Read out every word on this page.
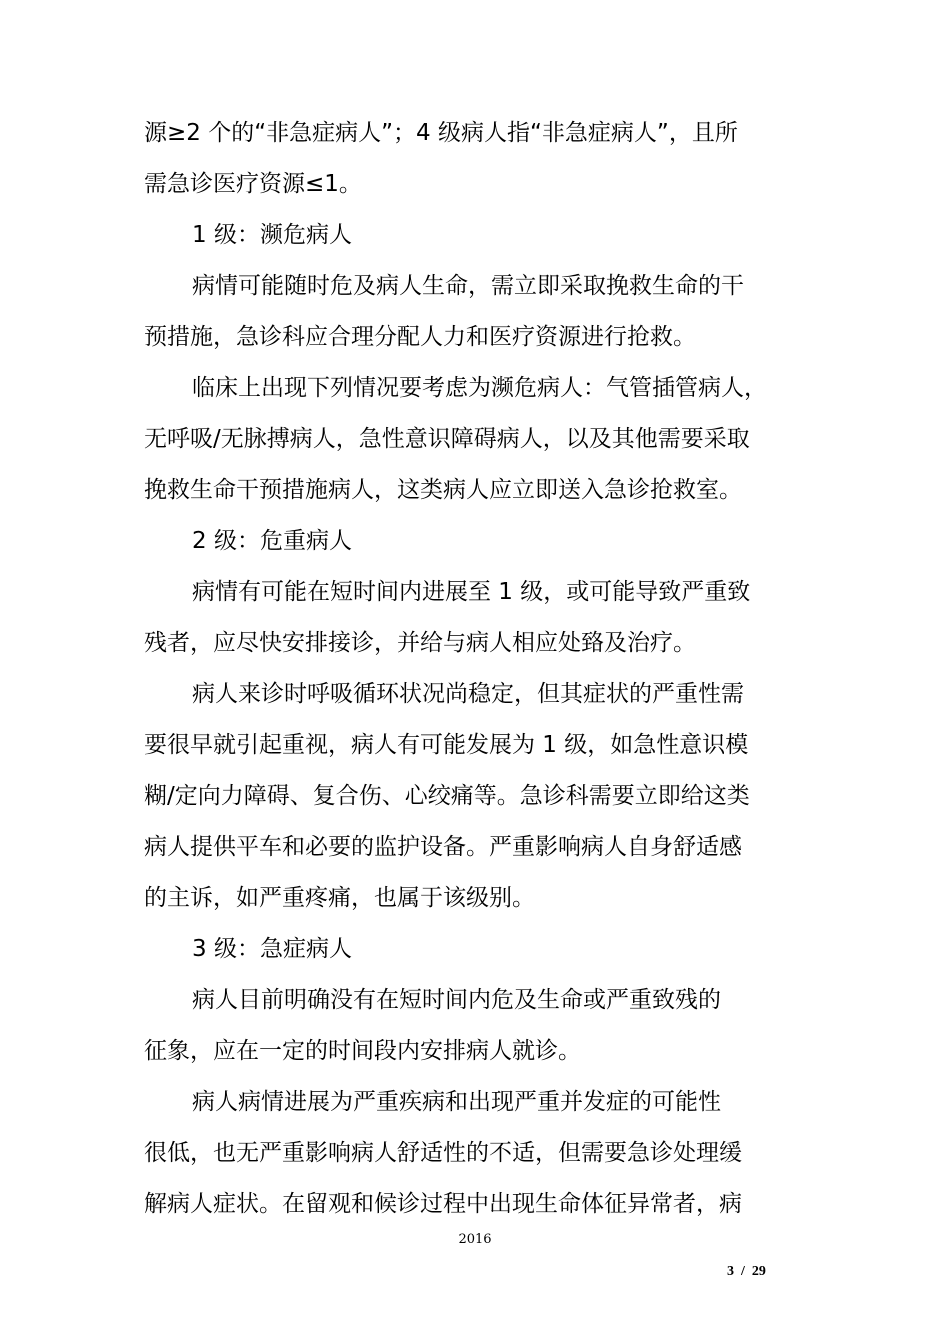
源≥2 个的“非急症病人”；4 级病人指“非急症病人”，且所

需急诊医疗资源≤1。

1 级：濒危病人

病情可能随时危及病人生命，需立即采取挽救生命的干

预措施，急诊科应合理分配人力和医疗资源进行抢救。

临床上出现下列情况要考虑为濒危病人：气管插管病人，

无呼吸/无脉搏病人，急性意识障碍病人，以及其他需要采取

挽救生命干预措施病人，这类病人应立即送入急诊抢救室。

2 级：危重病人

病情有可能在短时间内进展至 1 级，或可能导致严重致

残者，应尽快安排接诊，并给与病人相应处臵及治疗。

病人来诊时呼吸循环状况尚稳定，但其症状的严重性需

要很早就引起重视，病人有可能发展为 1 级，如急性意识模

糊/定向力障碍、复合伤、心绞痛等。急诊科需要立即给这类

病人提供平车和必要的监护设备。严重影响病人自身舒适感

的主诉，如严重疼痛，也属于该级别。

3 级：急症病人

病人目前明确没有在短时间内危及生命或严重致残的

征象，应在一定的时间段内安排病人就诊。

病人病情进展为严重疾病和出现严重并发症的可能性

很低，也无严重影响病人舒适性的不适，但需要急诊处理缓

解病人症状。在留观和候诊过程中出现生命体征异常者，病

2016
3  /  29
